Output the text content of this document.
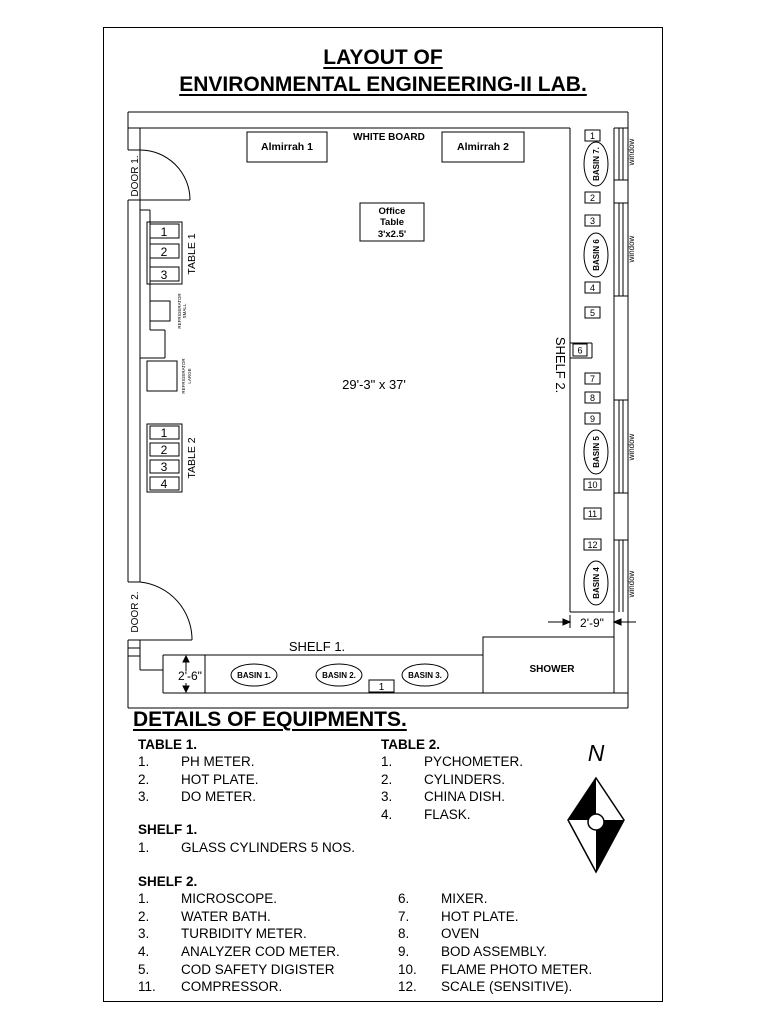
LAYOUT OF
ENVIRONMENTAL ENGINEERING-II LAB.
Almirrah 1	Almirrah 2
WHITE BOARD
Office
Table
3'x2.5'
DOOR 1.
DOOR 2.
1
2
3
TABLE 1
REFRIGERATOR SMALL
REFRIGERATOR LARGE
1
2
3
4
TABLE 2
29'-3" x 37'	SHELF 2.
1
2
3
4
5
6
7
8
9
10
11
12
BASIN 7.
BASIN 6
BASIN 5
BASIN 4
window
window
window
window
2'-9"
SHELF 1.
BASIN 1.	BASIN 2.	BASIN 3.
1
2'-6"	SHOWER
N
DETAILS OF EQUIPMENTS.
TABLE 1.
1. PH METER.
2. HOT PLATE.
3. DO METER.
TABLE 2.
1. PYCHOMETER.
2. CYLINDERS.
3. CHINA DISH.
4. FLASK.
SHELF 1.
1. GLASS CYLINDERS 5 NOS.
SHELF 2.
1. MICROSCOPE.
2. WATER BATH.
3. TURBIDITY METER.
4. ANALYZER COD METER.
5. COD SAFETY DIGISTER
11. COMPRESSOR.
6. MIXER.
7. HOT PLATE.
8. OVEN
9. BOD ASSEMBLY.
10. FLAME PHOTO METER.
12. SCALE (SENSITIVE).
